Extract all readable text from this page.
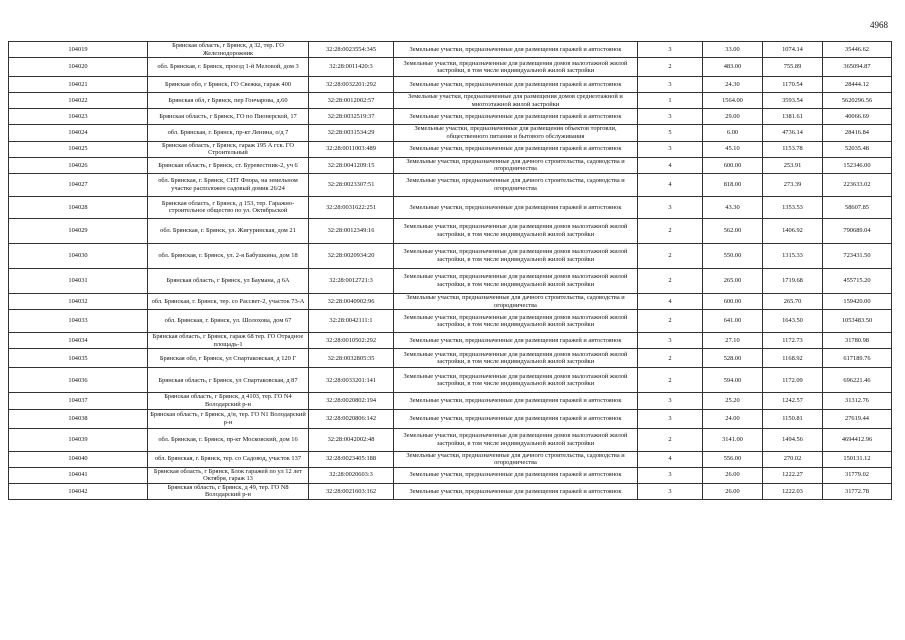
4968
104019	Брянская область, г Брянск, д 32, тер. ГО Железнодорожник	32:28:0023554:345	Земельные участки, предназначенные для размещения гаражей и автостоянок	3	33.00	1074.14	35446.62
104020	обл. Брянская, г. Брянск, проезд 1-й Меловой, дом 3	32:28:0011420:3	Земельные участки, предназначенные для размещения домов малоэтажной жилой застройки, в том числе индивидуальной жилой застройки	2	483.00	755.89	365094.87
104021	Брянская обл, г Брянск, ГО Свежка, гараж 400	32:28:0032201:292	Земельные участки, предназначенные для размещения гаражей и автостоянок	3	24.30	1170.54	28444.12
104022	Брянская обл, г Брянск, пер Гончарова, д.60	32:28:0012002:57	Земельные участки, предназначенные для размещения домов среднеэтажной и многоэтажной жилой застройки	1	1564.00	3593.54	5620296.56
104023	Брянская область, г Брянск, ГО по Пионерской, 17	32:28:0032519:37	Земельные участки, предназначенные для размещения гаражей и автостоянок	3	29.00	1381.61	40066.69
104024	обл. Брянская, г. Брянск, пр-кт Ленина, о/д 7	32:28:0031534:29	Земельные участки, предназначенные для размещения объектов торговли, общественного питания и бытового обслуживания	5	6.00	4736.14	28416.84
104025	Брянская область, г Брянск, гараж 195 А гск. ГО Строительный	32:28:0011003:489	Земельные участки, предназначенные для размещения гаражей и автостоянок	3	45.10	1153.78	52035.48
104026	Брянская область, г Брянск, ст. Буревестник-2, уч 6	32:28:0041209:15	Земельные участки, предназначенные для дачного строительства, садоводства и огородничества	4	600.00	253.91	152346.00
104027	обл. Брянская, г. Брянск, СНТ Флора, на земельном участке расположен садовый домик 26/24	32:28:0023307:51	Земельные участки, предназначенные для дачного строительства, садоводства и огородничества	4	818.00	273.39	223633.02
104028	Брянская область, г Брянск, д 153, тер. Гаражно-строительное общество по ул. Октябрьской	32:28:0031622:251	Земельные участки, предназначенные для размещения гаражей и автостоянок	3	43.30	1353.53	58607.85
104029	обл. Брянская, г. Брянск, ул. Жигуринская, дом 21	32:28:0012349:16	Земельные участки, предназначенные для размещения домов малоэтажной жилой застройки, в том числе индивидуальной жилой застройки	2	562.00	1406.92	790689.04
104030	обл. Брянская, г. Брянск, ул. 2-я Бабушкина, дом 18	32:28:0020934:20	Земельные участки, предназначенные для размещения домов малоэтажной жилой застройки, в том числе индивидуальной жилой застройки	2	550.00	1315.33	723431.50
104031	Брянская область, г Брянск, ул Баумана, д 6А	32:28:0012721:3	Земельные участки, предназначенные для размещения домов малоэтажной жилой застройки, в том числе индивидуальной жилой застройки	2	265.00	1719.68	455715.20
104032	обл. Брянская, г. Брянск, тер. со Рассвет-2, участок 73-А	32:28:0040902:96	Земельные участки, предназначенные для дачного строительства, садоводства и огородничества	4	600.00	265.70	159420.00
104033	обл. Брянская, г. Брянск, ул. Шолохова, дом 67	32:28:0042111:1	Земельные участки, предназначенные для размещения домов малоэтажной жилой застройки, в том числе индивидуальной жилой застройки	2	641.00	1643.50	1053483.50
104034	Брянская область, г Брянск, гараж 68 тер. ГО Отрадное площадь-1	32:28:0010502:292	Земельные участки, предназначенные для размещения гаражей и автостоянок	3	27.10	1172.73	31780.98
104035	Брянская обл, г Брянск, ул Спартаковская, д 120 Г	32:28:0032805:35	Земельные участки, предназначенные для размещения домов малоэтажной жилой застройки, в том числе индивидуальной жилой застройки	2	528.00	1168.92	617189.76
104036	Брянская область, г Брянск, ул Спартаковская, д 87	32:28:0033201:141	Земельные участки, предназначенные для размещения домов малоэтажной жилой застройки, в том числе индивидуальной жилой застройки	2	594.00	1172.09	696221.46
104037	Брянская область, г Брянск, д 4103, тер. ГО N4 Володарский р-н	32:28:0020802:194	Земельные участки, предназначенные для размещения гаражей и автостоянок	3	25.20	1242.57	31312.76
104038	Брянская область, г Брянск, д/н, тер. ГО N1 Володарский р-н	32:28:0020806:142	Земельные участки, предназначенные для размещения гаражей и автостоянок	3	24.00	1150.81	27619.44
104039	обл. Брянская, г. Брянск, пр-кт Московский, дом 16	32:28:0042002:48	Земельные участки, предназначенные для размещения домов малоэтажной жилой застройки, в том числе индивидуальной жилой застройки	2	3141.00	1494.56	4694412.96
104040	обл. Брянская, г. Брянск, тер. со Садовод, участок 137	32:28:0023405:188	Земельные участки, предназначенные для дачного строительства, садоводства и огородничества	4	556.00	270.02	150131.12
104041	Брянская область, г Брянск, Блок гаражей по ул 12 лет Октября, гараж 13	32:28:0020603:3	Земельные участки, предназначенные для размещения гаражей и автостоянок	3	26.00	1222.27	31779.02
104042	Брянская область, г Брянск, д 49, тер. ГО N8 Володарский р-н	32:28:0021603:162	Земельные участки, предназначенные для размещения гаражей и автостоянок	3	26.00	1222.03	31772.78
